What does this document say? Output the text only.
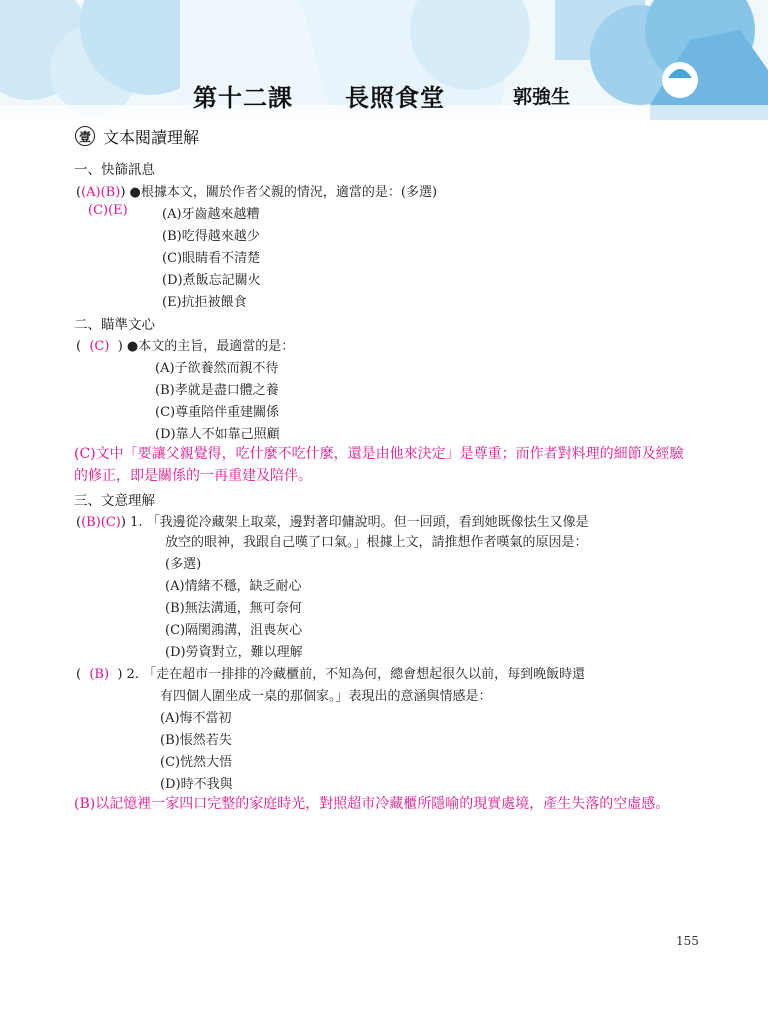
第十二課 長照食堂	郭強生
壹 文本閱讀理解
一、快篩訊息
((A)(B)) ●根據本文，關於作者父親的情況，適當的是：(多選)
(C)(E)	(A)牙齒越來越糟
(B)吃得越來越少
(C)眼睛看不清楚
(D)煮飯忘記關火
(E)抗拒被餵食
二、瞄準文心
( (C) ) ●本文的主旨，最適當的是：
(A)子欲養然而親不待
(B)孝就是盡口體之養
(C)尊重陪伴重建關係
(D)靠人不如靠己照顧
(C)文中「要讓父親覺得，吃什麼不吃什麼，還是由他來決定」是尊重；而作者對料理的細節及經驗的修正，即是關係的一再重建及陪伴。
三、文意理解
((B)(C)) 1. 「我邊從冷藏架上取菜，邊對著印傭說明。但一回頭，看到她既像怯生又像是
放空的眼神，我跟自己嘆了口氣。」根據上文，請推想作者嘆氣的原因是：
(多選)
(A)情緒不穩，缺乏耐心
(B)無法溝通，無可奈何
(C)隔閡鴻溝，沮喪灰心
(D)勞資對立，難以理解
( (B) ) 2. 「走在超市一排排的冷藏櫃前，不知為何，總會想起很久以前，每到晚飯時還
有四個人圍坐成一桌的那個家。」表現出的意涵與情感是：
(A)悔不當初
(B)悵然若失
(C)恍然大悟
(D)時不我與
(B)以記憶裡一家四口完整的家庭時光，對照超市冷藏櫃所隱喻的現實處境，產生失落的空虛感。
155
